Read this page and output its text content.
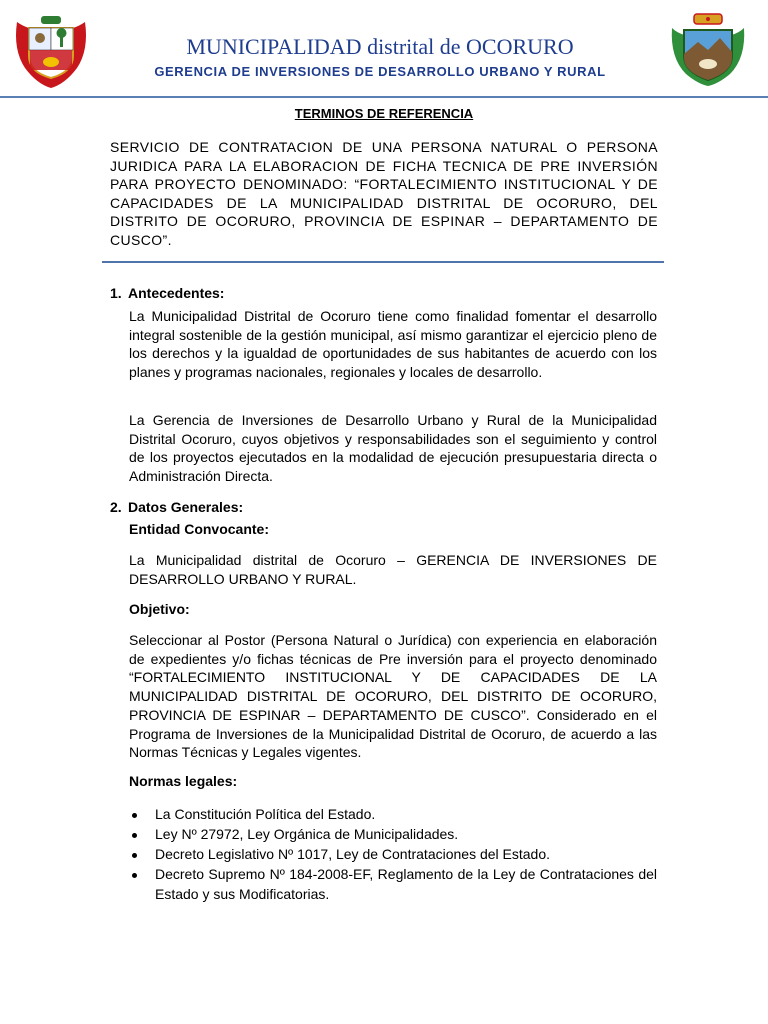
MUNICIPALIDAD distrital de OCORURO
GERENCIA DE INVERSIONES DE DESARROLLO URBANO Y RURAL
TERMINOS DE REFERENCIA
SERVICIO DE CONTRATACION DE UNA PERSONA NATURAL O PERSONA JURIDICA PARA LA ELABORACION DE FICHA TECNICA DE PRE INVERSIÓN PARA PROYECTO DENOMINADO: “FORTALECIMIENTO INSTITUCIONAL Y DE CAPACIDADES DE LA MUNICIPALIDAD DISTRITAL DE OCORURO, DEL DISTRITO DE OCORURO, PROVINCIA DE ESPINAR – DEPARTAMENTO DE CUSCO”.
1. Antecedentes:
La Municipalidad Distrital de Ocoruro tiene como finalidad fomentar el desarrollo integral sostenible de la gestión municipal, así mismo garantizar el ejercicio pleno de los derechos y la igualdad de oportunidades de sus habitantes de acuerdo con los planes y programas nacionales, regionales y locales de desarrollo.
La Gerencia de Inversiones de Desarrollo Urbano y Rural de la Municipalidad Distrital Ocoruro, cuyos objetivos y responsabilidades son el seguimiento y control de los proyectos ejecutados en la modalidad de ejecución presupuestaria directa o Administración Directa.
2. Datos Generales:
Entidad Convocante:
La Municipalidad distrital de Ocoruro – GERENCIA DE INVERSIONES DE DESARROLLO URBANO Y RURAL.
Objetivo:
Seleccionar al Postor (Persona Natural o Jurídica) con experiencia en elaboración de expedientes y/o fichas técnicas de Pre inversión para el proyecto denominado “FORTALECIMIENTO INSTITUCIONAL Y DE CAPACIDADES DE LA MUNICIPALIDAD DISTRITAL DE OCORURO, DEL DISTRITO DE OCORURO, PROVINCIA DE ESPINAR – DEPARTAMENTO DE CUSCO”. Considerado en el Programa de Inversiones de la Municipalidad Distrital de Ocoruro, de acuerdo a las Normas Técnicas y Legales vigentes.
Normas legales:
La Constitución Política del Estado.
Ley Nº 27972, Ley Orgánica de Municipalidades.
Decreto Legislativo Nº 1017, Ley de Contrataciones del Estado.
Decreto Supremo Nº 184-2008-EF, Reglamento de la Ley de Contrataciones del Estado y sus Modificatorias.
